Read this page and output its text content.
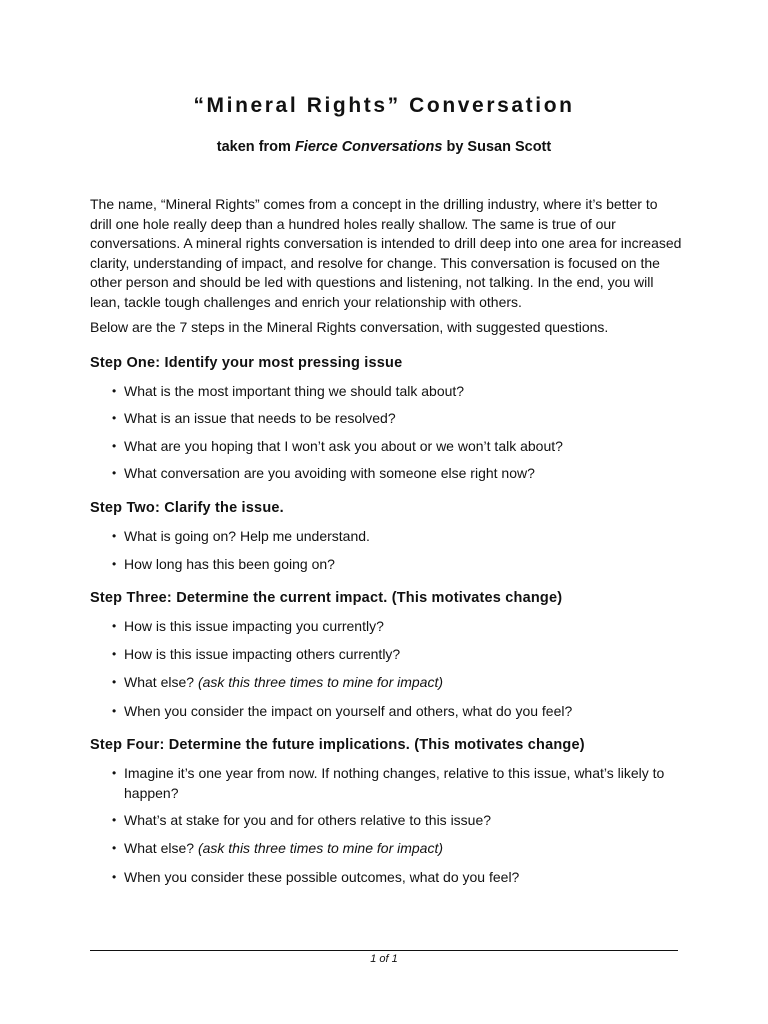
“Mineral Rights” Conversation

taken from Fierce Conversations by Susan Scott

The name, “Mineral Rights” comes from a concept in the drilling industry, where it’s better to drill one hole really deep than a hundred holes really shallow. The same is true of our conversations. A mineral rights conversation is intended to drill deep into one area for increased clarity, understanding of impact, and resolve for change. This conversation is focused on the other person and should be led with questions and listening, not talking. In the end, you will lean, tackle tough challenges and enrich your relationship with others.

Below are the 7 steps in the Mineral Rights conversation, with suggested questions.

Step One: Identify your most pressing issue
• What is the most important thing we should talk about?
• What is an issue that needs to be resolved?
• What are you hoping that I won’t ask you about or we won’t talk about?
• What conversation are you avoiding with someone else right now?
Step Two: Clarify the issue.
• What is going on? Help me understand.
• How long has this been going on?
Step Three: Determine the current impact. (This motivates change)
• How is this issue impacting you currently?
• How is this issue impacting others currently?
• What else? (ask this three times to mine for impact)
• When you consider the impact on yourself and others, what do you feel?
Step Four: Determine the future implications. (This motivates change)
• Imagine it’s one year from now. If nothing changes, relative to this issue, what’s likely to happen?
• What’s at stake for you and for others relative to this issue?
• What else? (ask this three times to mine for impact)
• When you consider these possible outcomes, what do you feel?
1 of 1
